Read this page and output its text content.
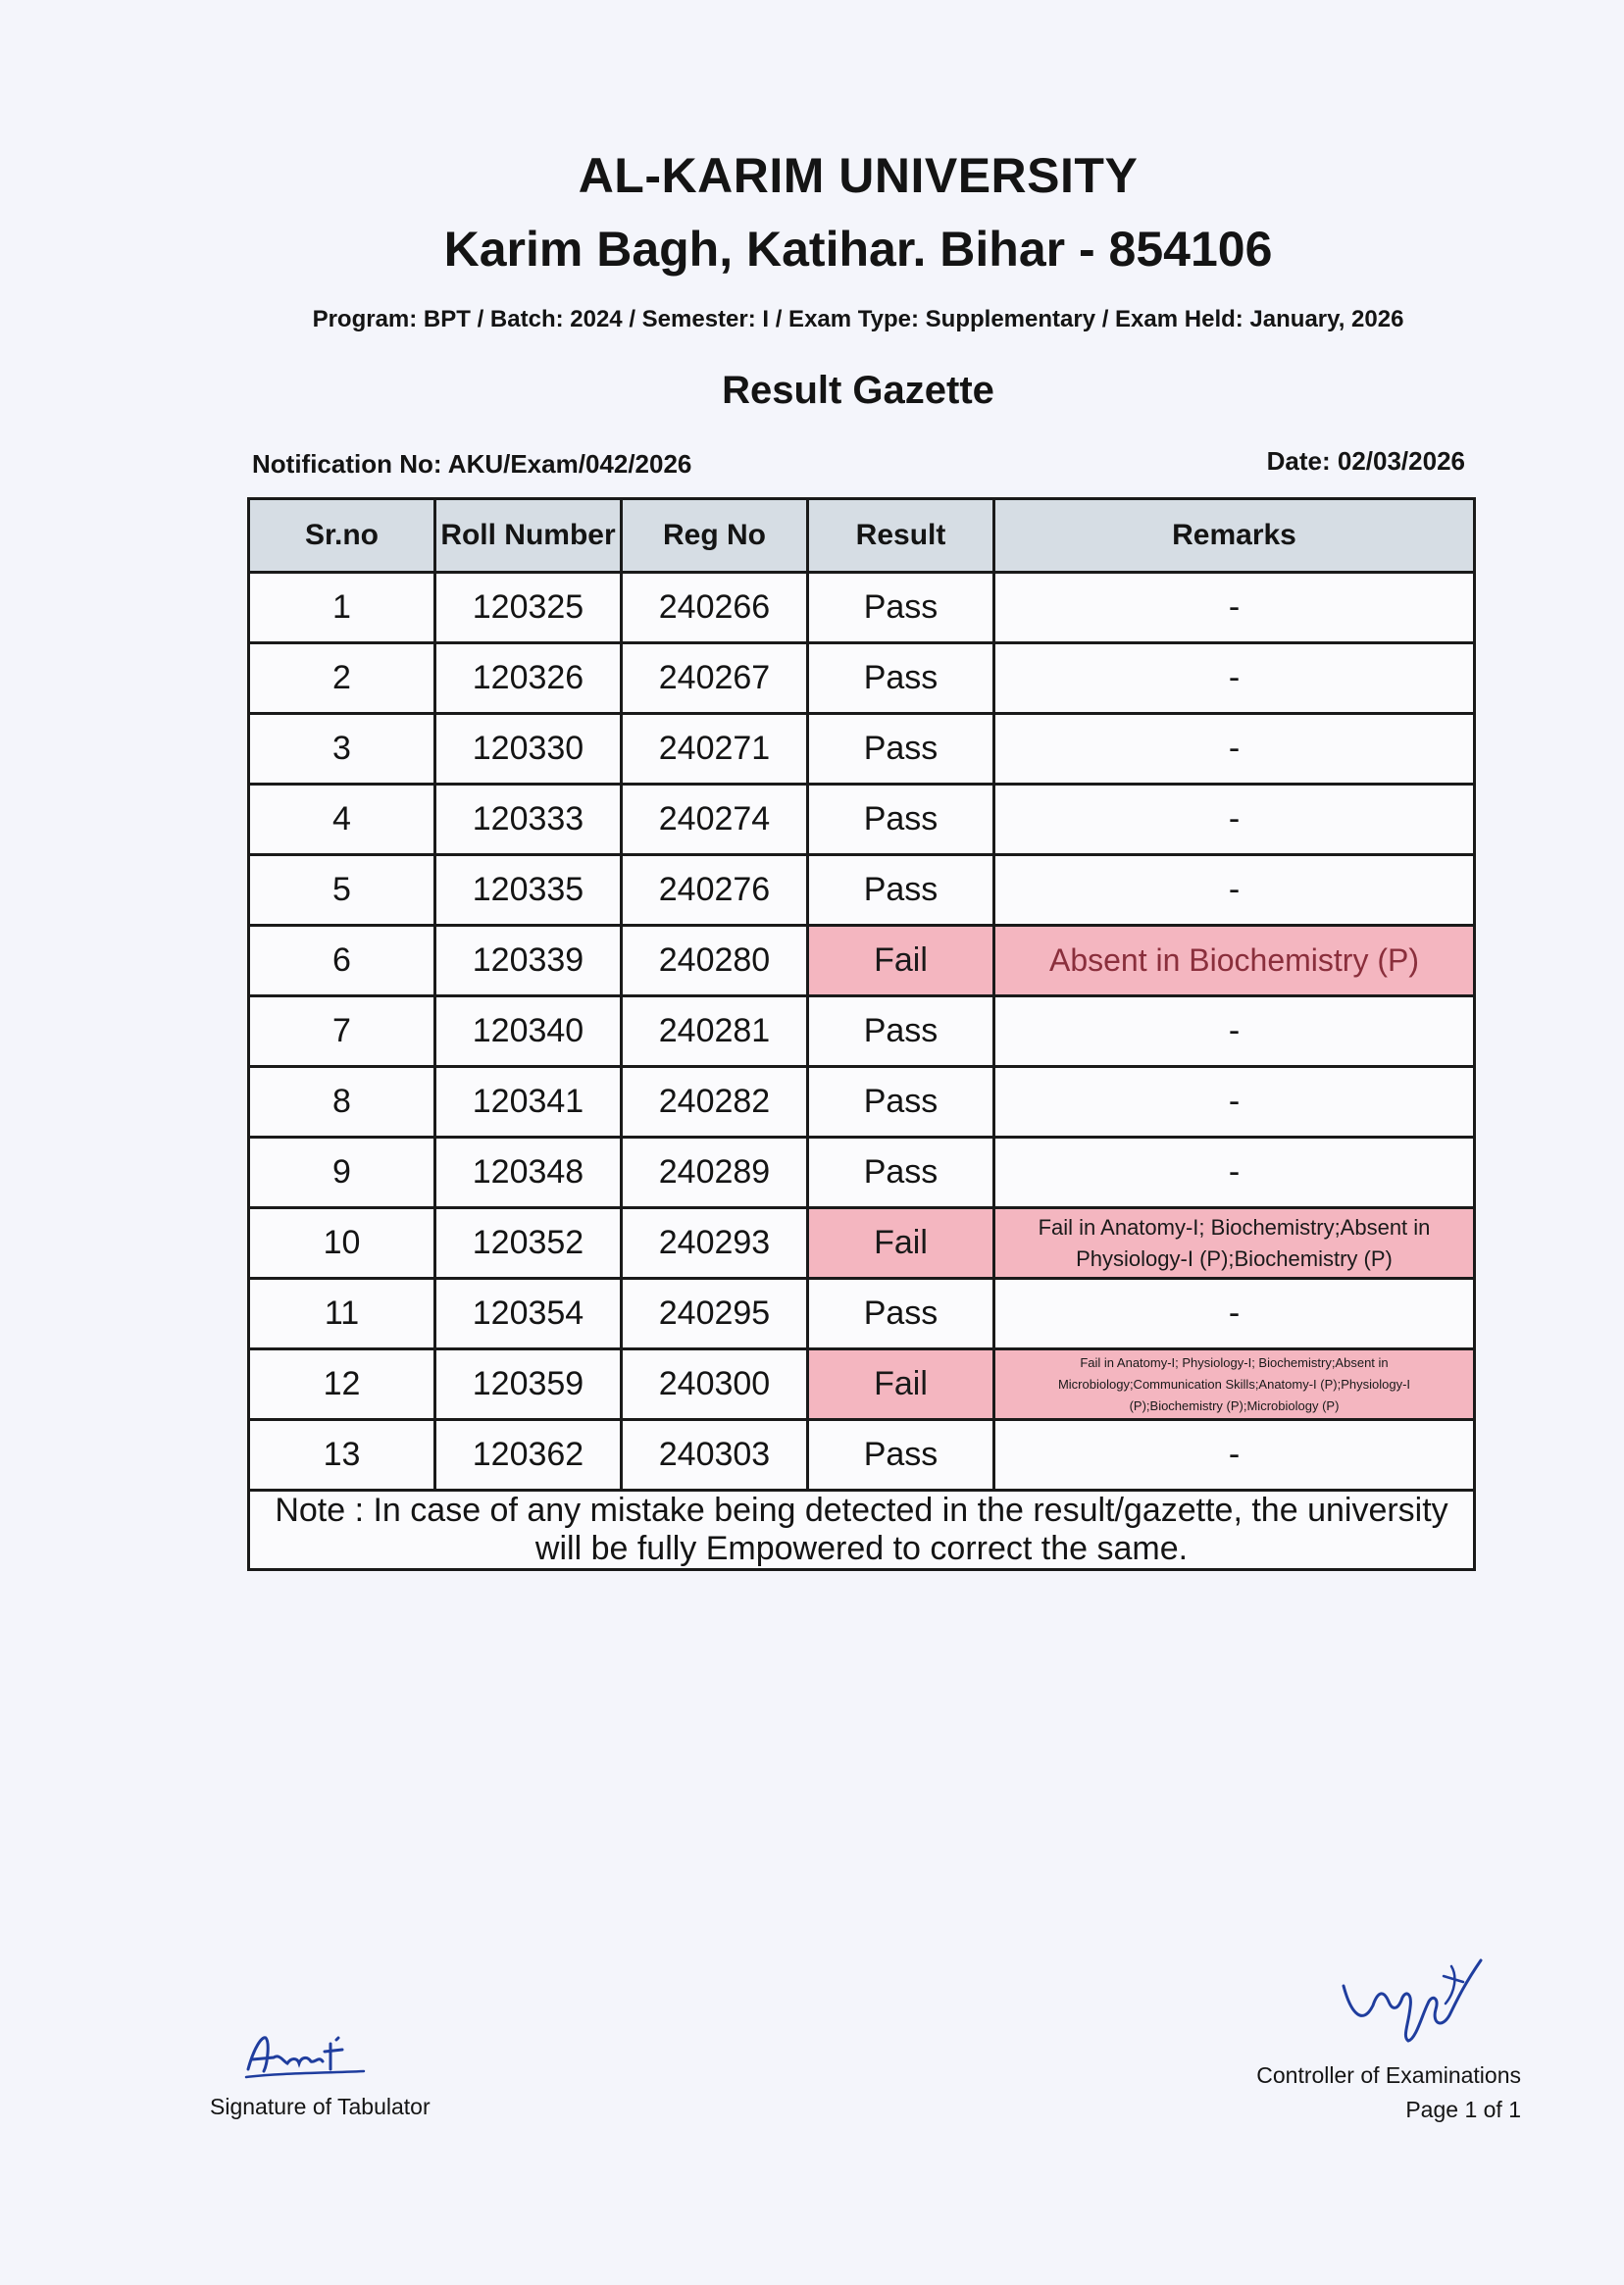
AL-KARIM UNIVERSITY
Karim Bagh, Katihar. Bihar - 854106
Program: BPT / Batch: 2024 / Semester: I / Exam Type: Supplementary / Exam Held: January, 2026
Result Gazette
Notification No: AKU/Exam/042/2026	Date: 02/03/2026
Sr.no	Roll Number	Reg No	Result	Remarks
1	120325	240266	Pass	-
2	120326	240267	Pass	-
3	120330	240271	Pass	-
4	120333	240274	Pass	-
5	120335	240276	Pass	-
6	120339	240280	Fail	Absent in Biochemistry (P)
7	120340	240281	Pass	-
8	120341	240282	Pass	-
9	120348	240289	Pass	-
10	120352	240293	Fail	Fail in Anatomy-I; Biochemistry;Absent in Physiology-I (P);Biochemistry (P)

11	120354	240295	Pass	-
12	120359	240300	Fail	Fail in Anatomy-I; Physiology-I; Biochemistry;Absent in Microbiology;Communication Skills;Anatomy-I (P);Physiology-I (P);Biochemistry (P);Microbiology (P)

13	120362	240303	Pass	-
Note : In case of any mistake being detected in the result/gazette, the university will be fully Empowered to correct the same.				
Signature of Tabulator
Controller of Examinations
Page 1 of 1
